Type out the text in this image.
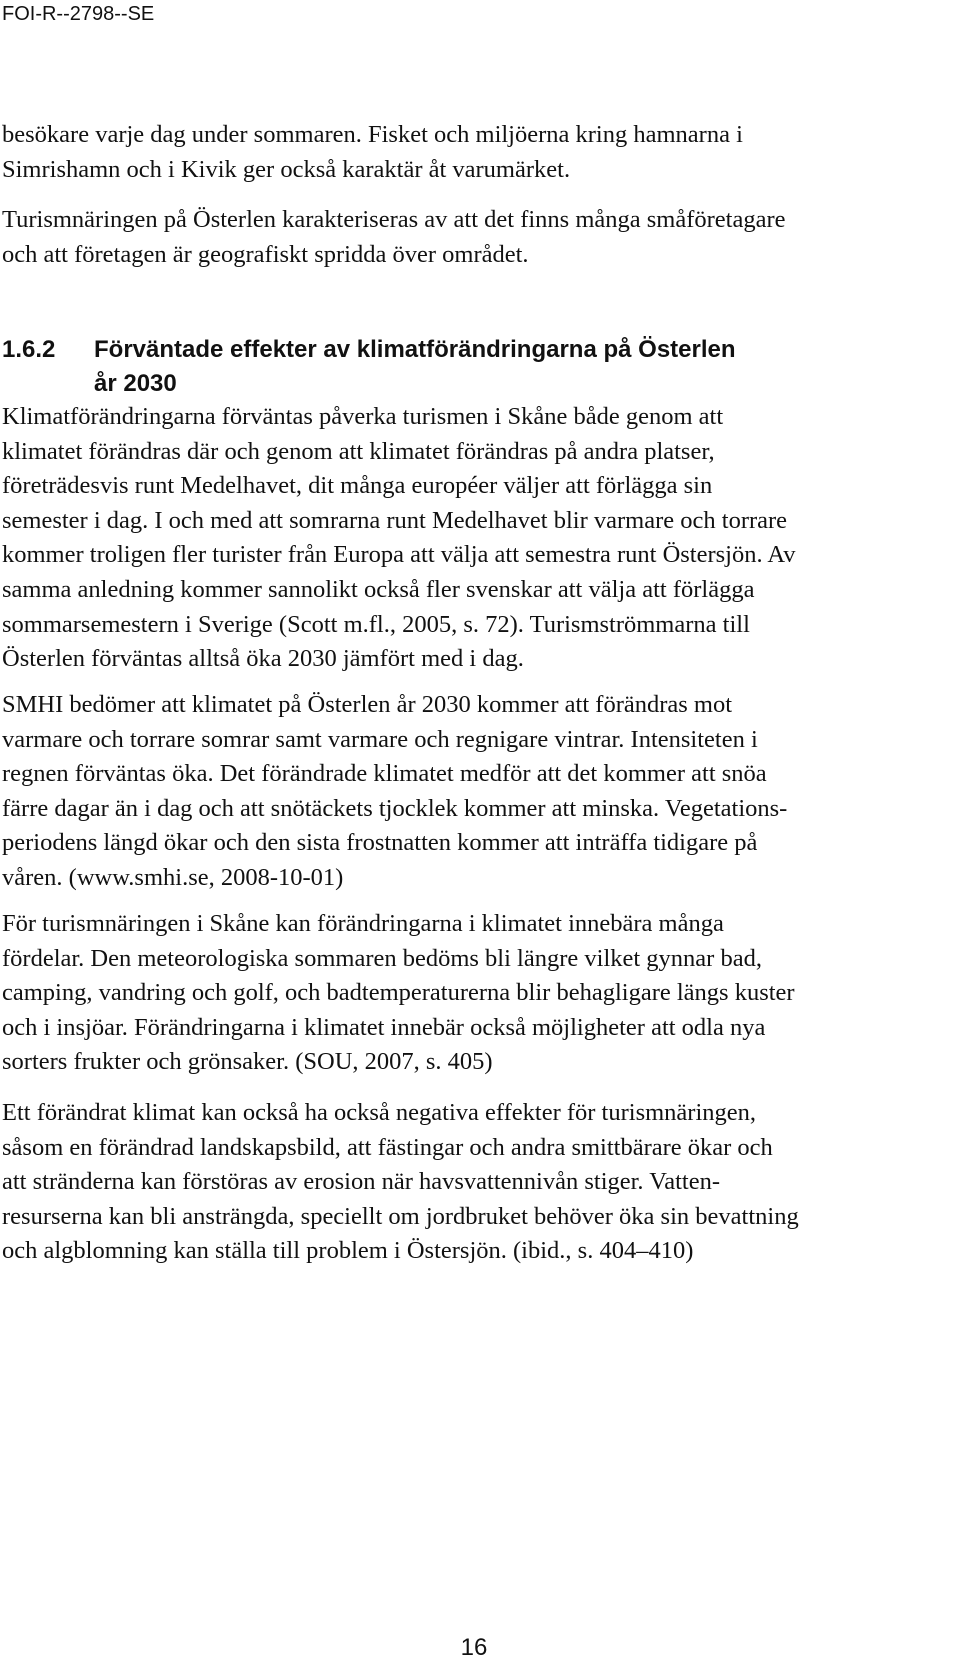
FOI-R--2798--SE

besökare varje dag under sommaren. Fisket och miljöerna kring hamnarna i
Simrishamn och i Kivik ger också karaktär åt varumärket.

Turismnäringen på Österlen karakteriseras av att det finns många småföretagare
och att företagen är geografiskt spridda över området.

1.6.2 Förväntade effekter av klimatförändringarna på Österlen
år 2030

Klimatförändringarna förväntas påverka turismen i Skåne både genom att
klimatet förändras där och genom att klimatet förändras på andra platser,
företrädesvis runt Medelhavet, dit många européer väljer att förlägga sin
semester i dag. I och med att somrarna runt Medelhavet blir varmare och torrare
kommer troligen fler turister från Europa att välja att semestra runt Östersjön. Av
samma anledning kommer sannolikt också fler svenskar att välja att förlägga
sommarsemestern i Sverige (Scott m.fl., 2005, s. 72). Turismströmmarna till
Österlen förväntas alltså öka 2030 jämfört med i dag.

SMHI bedömer att klimatet på Österlen år 2030 kommer att förändras mot
varmare och torrare somrar samt varmare och regnigare vintrar. Intensiteten i
regnen förväntas öka. Det förändrade klimatet medför att det kommer att snöa
färre dagar än i dag och att snötäckets tjocklek kommer att minska. Vegetations-
periodens längd ökar och den sista frostnatten kommer att inträffa tidigare på
våren. (www.smhi.se, 2008-10-01)

För turismnäringen i Skåne kan förändringarna i klimatet innebära många
fördelar. Den meteorologiska sommaren bedöms bli längre vilket gynnar bad,
camping, vandring och golf, och badtemperaturerna blir behagligare längs kuster
och i insjöar. Förändringarna i klimatet innebär också möjligheter att odla nya
sorters frukter och grönsaker. (SOU, 2007, s. 405)

Ett förändrat klimat kan också ha också negativa effekter för turismnäringen,
såsom en förändrad landskapsbild, att fästingar och andra smittbärare ökar och
att stränderna kan förstöras av erosion när havsvattennivån stiger. Vatten-
resurserna kan bli ansträngda, speciellt om jordbruket behöver öka sin bevattning
och algblomning kan ställa till problem i Östersjön. (ibid., s. 404–410)

16
